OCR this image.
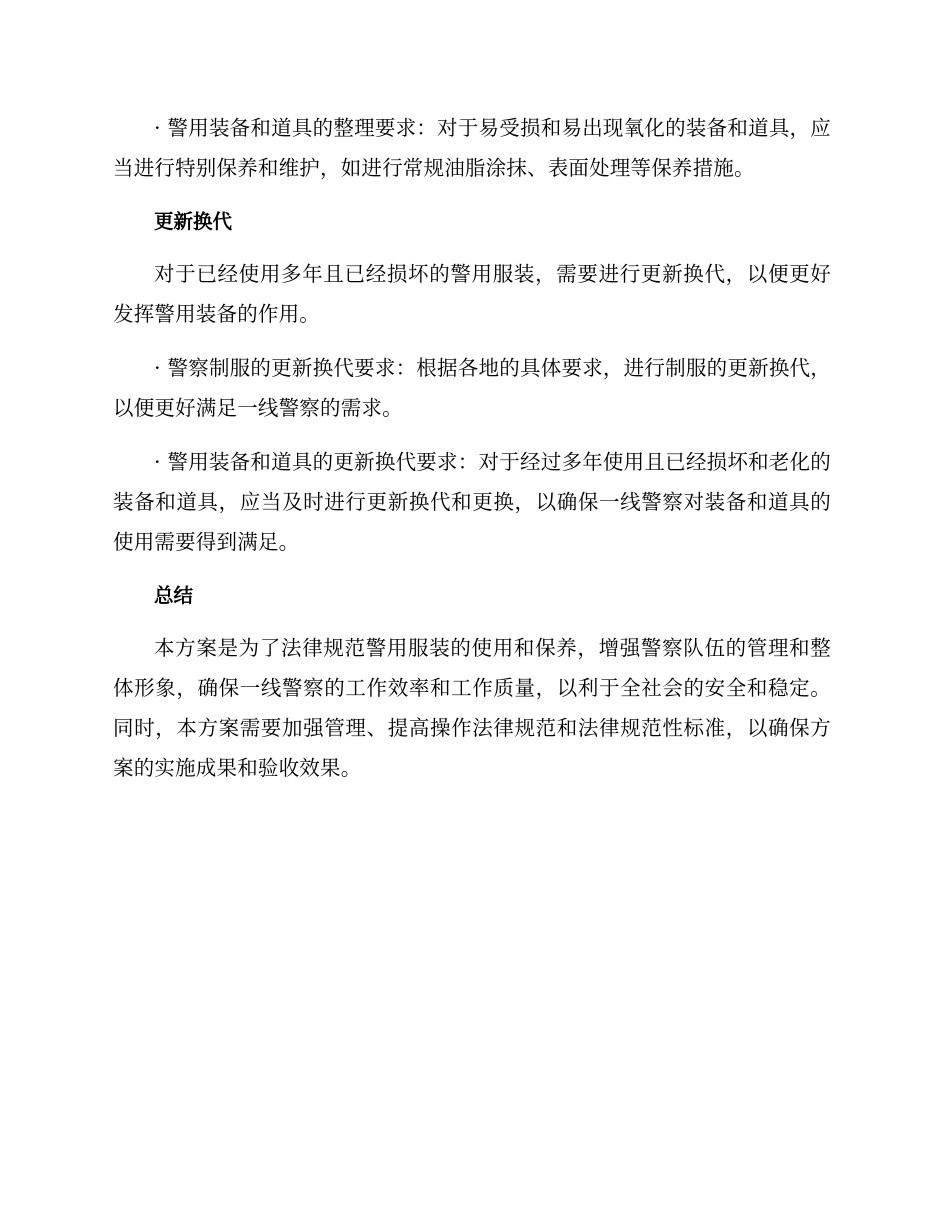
· 警用装备和道具的整理要求：对于易受损和易出现氧化的装备和道具，应当进行特别保养和维护，如进行常规油脂涂抹、表面处理等保养措施。

更新换代

对于已经使用多年且已经损坏的警用服装，需要进行更新换代，以便更好发挥警用装备的作用。

· 警察制服的更新换代要求：根据各地的具体要求，进行制服的更新换代，以便更好满足一线警察的需求。

· 警用装备和道具的更新换代要求：对于经过多年使用且已经损坏和老化的装备和道具，应当及时进行更新换代和更换，以确保一线警察对装备和道具的使用需要得到满足。

总结

本方案是为了法律规范警用服装的使用和保养，增强警察队伍的管理和整体形象，确保一线警察的工作效率和工作质量，以利于全社会的安全和稳定。同时，本方案需要加强管理、提高操作法律规范和法律规范性标准，以确保方案的实施成果和验收效果。
